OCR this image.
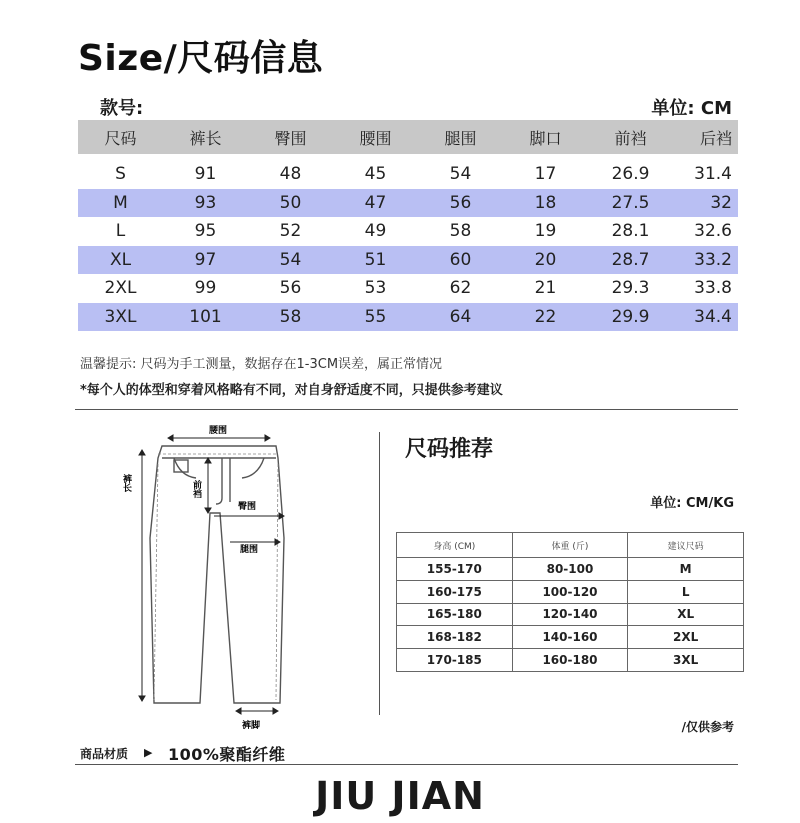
Size/尺码信息
款号:	单位: CM
尺码	裤长	臀围	腰围	腿围	脚口	前裆	后裆
S	91	48	45	54	17	26.9	31.4
M	93	50	47	56	18	27.5	32
L	95	52	49	58	19	28.1	32.6
XL	97	54	51	60	20	28.7	33.2
2XL	99	56	53	62	21	29.3	33.8
3XL	101	58	55	64	22	29.9	34.4
温馨提示: 尺码为手工测量，数据存在1-3CM误差，属正常情况
*每个人的体型和穿着风格略有不同，对自身舒适度不同，只提供参考建议
腰围
裤长	前裆
臀围
腿围
裤脚
尺码推荐
单位: CM/KG
身高 (CM)	体重 (斤)	建议尺码
155-170	80-100	M
160-175	100-120	L
165-180	120-140	XL
168-182	140-160	2XL
170-185	160-180	3XL
/仅供参考
商品材质 ▶ 100%聚酯纤维
JIU JIAN
